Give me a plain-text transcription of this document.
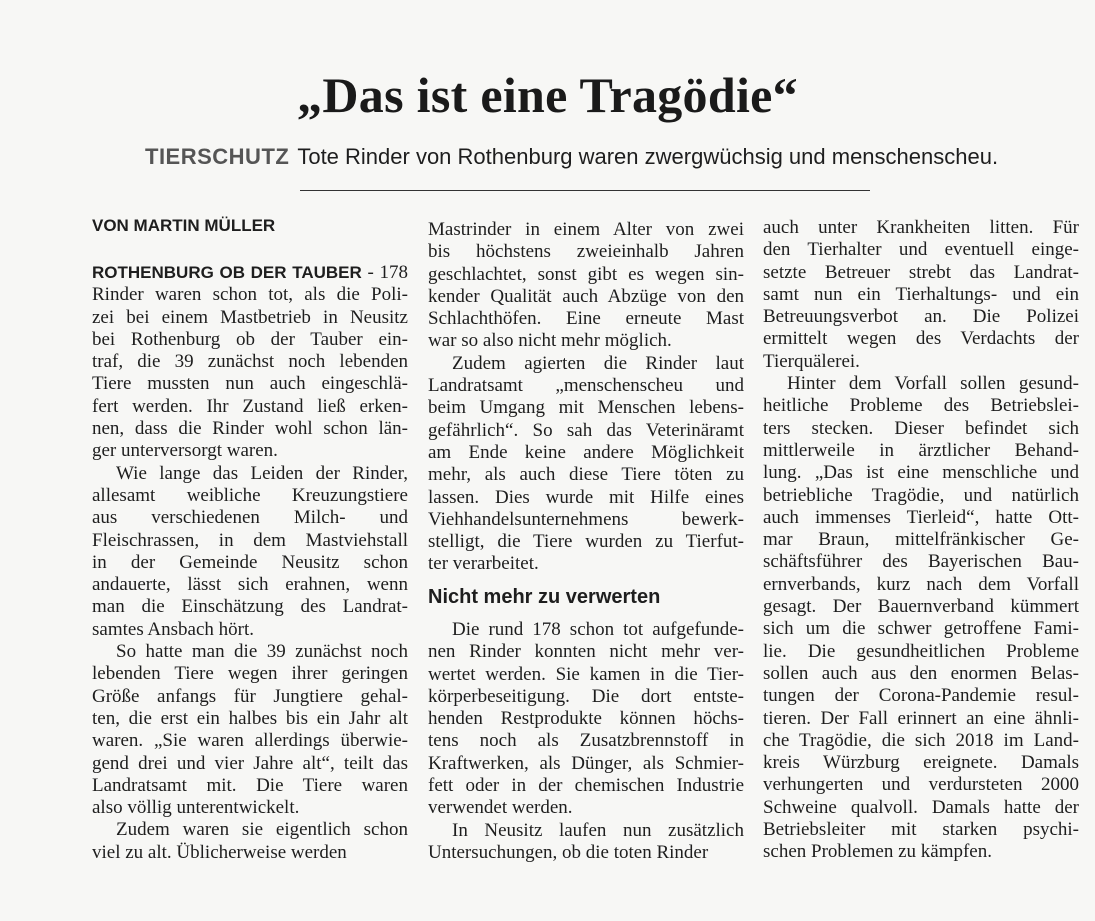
„Das ist eine Tragödie“
TIERSCHUTZ Tote Rinder von Rothenburg waren zwergwüchsig und menschenscheu.
VON MARTIN MÜLLER
ROTHENBURG OB DER TAUBER - 178
Rinder waren schon tot, als die Poli-
zei bei einem Mastbetrieb in Neusitz
bei Rothenburg ob der Tauber ein-
traf, die 39 zunächst noch lebenden
Tiere mussten nun auch eingeschlä-
fert werden. Ihr Zustand ließ erken-
nen, dass die Rinder wohl schon län-
ger unterversorgt waren.
Wie lange das Leiden der Rinder,
allesamt weibliche Kreuzungstiere
aus verschiedenen Milch- und
Fleischrassen, in dem Mastviehstall
in der Gemeinde Neusitz schon
andauerte, lässt sich erahnen, wenn
man die Einschätzung des Landrat-
samtes Ansbach hört.
So hatte man die 39 zunächst noch
lebenden Tiere wegen ihrer geringen
Größe anfangs für Jungtiere gehal-
ten, die erst ein halbes bis ein Jahr alt
waren. „Sie waren allerdings überwie-
gend drei und vier Jahre alt“, teilt das
Landratsamt mit. Die Tiere waren
also völlig unterentwickelt.
Zudem waren sie eigentlich schon
viel zu alt. Üblicherweise werden
Mastrinder in einem Alter von zwei
bis höchstens zweieinhalb Jahren
geschlachtet, sonst gibt es wegen sin-
kender Qualität auch Abzüge von den
Schlachthöfen. Eine erneute Mast
war so also nicht mehr möglich.
Zudem agierten die Rinder laut
Landratsamt „menschenscheu und
beim Umgang mit Menschen lebens-
gefährlich“. So sah das Veterinäramt
am Ende keine andere Möglichkeit
mehr, als auch diese Tiere töten zu
lassen. Dies wurde mit Hilfe eines
Viehhandelsunternehmens bewerk-
stelligt, die Tiere wurden zu Tierfut-
ter verarbeitet.
Nicht mehr zu verwerten
Die rund 178 schon tot aufgefunde-
nen Rinder konnten nicht mehr ver-
wertet werden. Sie kamen in die Tier-
körperbeseitigung. Die dort entste-
henden Restprodukte können höchs-
tens noch als Zusatzbrennstoff in
Kraftwerken, als Dünger, als Schmier-
fett oder in der chemischen Industrie
verwendet werden.
In Neusitz laufen nun zusätzlich
Untersuchungen, ob die toten Rinder
auch unter Krankheiten litten. Für
den Tierhalter und eventuell einge-
setzte Betreuer strebt das Landrat-
samt nun ein Tierhaltungs- und ein
Betreuungsverbot an. Die Polizei
ermittelt wegen des Verdachts der
Tierquälerei.
Hinter dem Vorfall sollen gesund-
heitliche Probleme des Betriebslei-
ters stecken. Dieser befindet sich
mittlerweile in ärztlicher Behand-
lung. „Das ist eine menschliche und
betriebliche Tragödie, und natürlich
auch immenses Tierleid“, hatte Ott-
mar Braun, mittelfränkischer Ge-
schäftsführer des Bayerischen Bau-
ernverbands, kurz nach dem Vorfall
gesagt. Der Bauernverband kümmert
sich um die schwer getroffene Fami-
lie. Die gesundheitlichen Probleme
sollen auch aus den enormen Belas-
tungen der Corona-Pandemie resul-
tieren. Der Fall erinnert an eine ähnli-
che Tragödie, die sich 2018 im Land-
kreis Würzburg ereignete. Damals
verhungerten und verdursteten 2000
Schweine qualvoll. Damals hatte der
Betriebsleiter mit starken psychi-
schen Problemen zu kämpfen.
